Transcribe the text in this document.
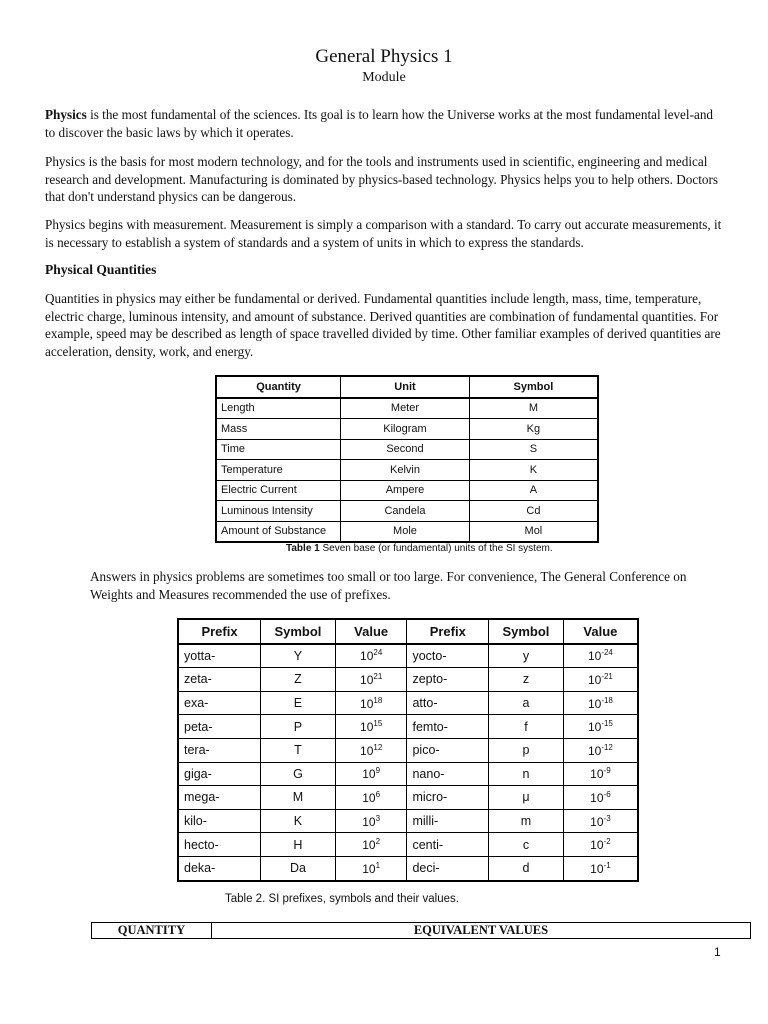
General Physics 1
Module

Physics is the most fundamental of the sciences. Its goal is to learn how the Universe works at the most fundamental level-and to discover the basic laws by which it operates.

Physics is the basis for most modern technology, and for the tools and instruments used in scientific, engineering and medical research and development. Manufacturing is dominated by physics-based technology. Physics helps you to help others. Doctors that don't understand physics can be dangerous.

Physics begins with measurement. Measurement is simply a comparison with a standard. To carry out accurate measurements, it is necessary to establish a system of standards and a system of units in which to express the standards.

Physical Quantities

Quantities in physics may either be fundamental or derived. Fundamental quantities include length, mass, time, temperature, electric charge, luminous intensity, and amount of substance. Derived quantities are combination of fundamental quantities. For example, speed may be described as length of space travelled divided by time. Other familiar examples of derived quantities are acceleration, density, work, and energy.

Quantity	Unit	Symbol
Length	Meter	M
Mass	Kilogram	Kg
Time	Second	S
Temperature	Kelvin	K
Electric Current	Ampere	A
Luminous Intensity	Candela	Cd
Amount of Substance	Mole	Mol
Table 1 Seven base (or fundamental) units of the SI system.

Answers in physics problems are sometimes too small or too large. For convenience, The General Conference on Weights and Measures recommended the use of prefixes.

Prefix	Symbol	Value	Prefix	Symbol	Value
yotta-	Y	$10^{24}$	yocto-	y	$10^{-24}$
zeta-	Z	$10^{21}$	zepto-	z	$10^{-21}$
exa-	E	$10^{18}$	atto-	a	$10^{-18}$
peta-	P	$10^{15}$	femto-	f	$10^{-15}$
tera-	T	$10^{12}$	pico-	p	$10^{-12}$
giga-	G	$10^9$	nano-	n	$10^{-9}$
mega-	M	$10^6$	micro-	μ	$10^{-6}$
kilo-	K	$10^3$	milli-	m	$10^{-3}$
hecto-	H	$10^2$	centi-	c	$10^{-2}$
deka-	Da	$10^1$	deci-	d	$10^{-1}$
Table 2. SI prefixes, symbols and their values.
QUANTITY	EQUIVALENT VALUES
1
